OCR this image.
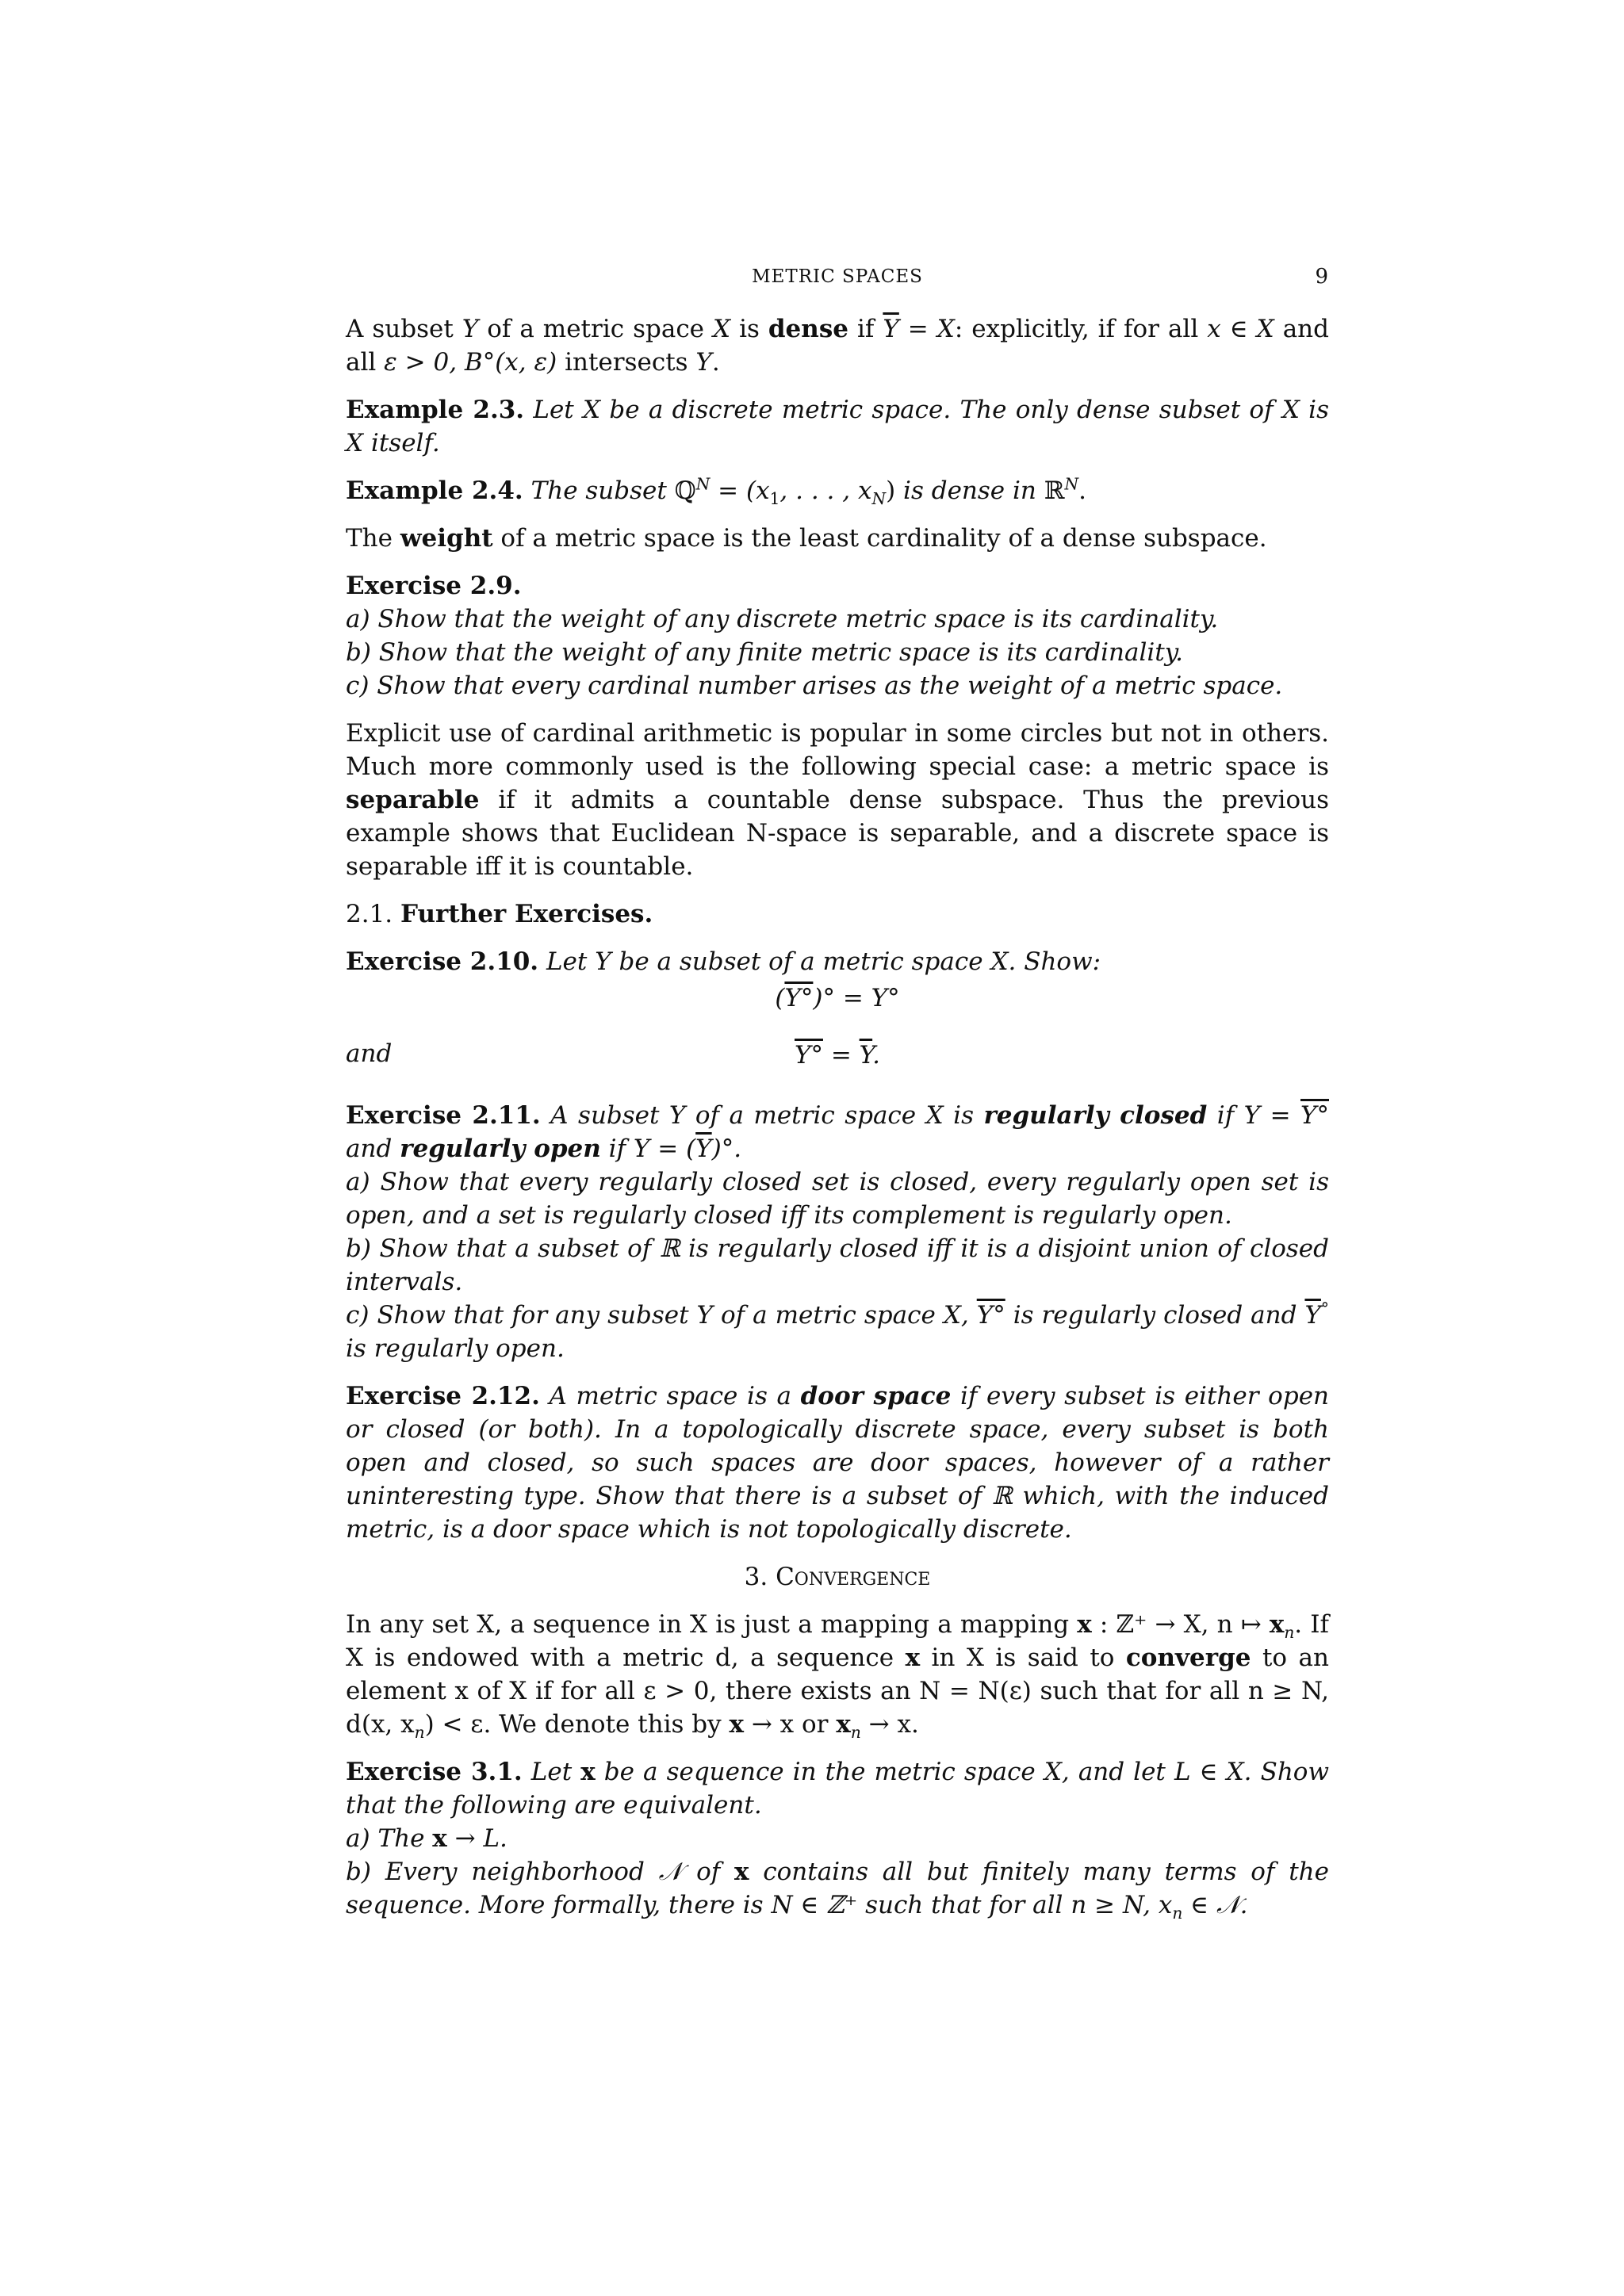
METRIC SPACES	9

A subset Y of a metric space X is dense if $\overline{Y} = X$: explicitly, if for all x ∈ X and all ε > 0, B°(x, ε) intersects Y.

Example 2.3. Let X be a discrete metric space. The only dense subset of X is X itself.

Example 2.4. The subset ℚ$^N$ = ($x_1$, . . . , $x_N$) is dense in ℝ$^N$.

The weight of a metric space is the least cardinality of a dense subspace.

Exercise 2.9.

a) Show that the weight of any discrete metric space is its cardinality.

b) Show that the weight of any finite metric space is its cardinality.

c) Show that every cardinal number arises as the weight of a metric space.

Explicit use of cardinal arithmetic is popular in some circles but not in others. Much more commonly used is the following special case: a metric space is separable if it admits a countable dense subspace. Thus the previous example shows that Euclidean N-space is separable, and a discrete space is separable iff it is countable.

2.1. Further Exercises.

Exercise 2.10. Let Y be a subset of a metric space X. Show:

(Y°)° = Y°

and	$Y^\circ = \overline{Y}$.

Exercise 2.11. A subset Y of a metric space X is regularly closed if Y = Y° and regularly open if $Y = (\overline{Y})^\circ$.

a) Show that every regularly closed set is closed, every regularly open set is open, and a set is regularly closed iff its complement is regularly open.

b) Show that a subset of ℝ is regularly closed iff it is a disjoint union of closed intervals.

c) Show that for any subset Y of a metric space X, Y° is regularly closed and $\overline{Y}^\circ$ is regularly open.

Exercise 2.12. A metric space is a door space if every subset is either open or closed (or both). In a topologically discrete space, every subset is both open and closed, so such spaces are door spaces, however of a rather uninteresting type. Show that there is a subset of ℝ which, with the induced metric, is a door space which is not topologically discrete.

3. Convergence

In any set X, a sequence in X is just a mapping a mapping x : ℤ⁺ → X, n ↦ $x_n$. If X is endowed with a metric d, a sequence x in X is said to converge to an element x of X if for all ε > 0, there exists an N = N(ε) such that for all n ≥ N, d(x, $x_n) < \varepsilon$. We denote this by x → x or $x_n \to x$.

Exercise 3.1. Let x be a sequence in the metric space X, and let L ∈ X. Show that the following are equivalent.

a) The x → L.

b) Every neighborhood 𝒩 of x contains all but finitely many terms of the sequence. More formally, there is N ∈ ℤ⁺ such that for all n ≥ N, $x_n$ ∈ 𝒩.
